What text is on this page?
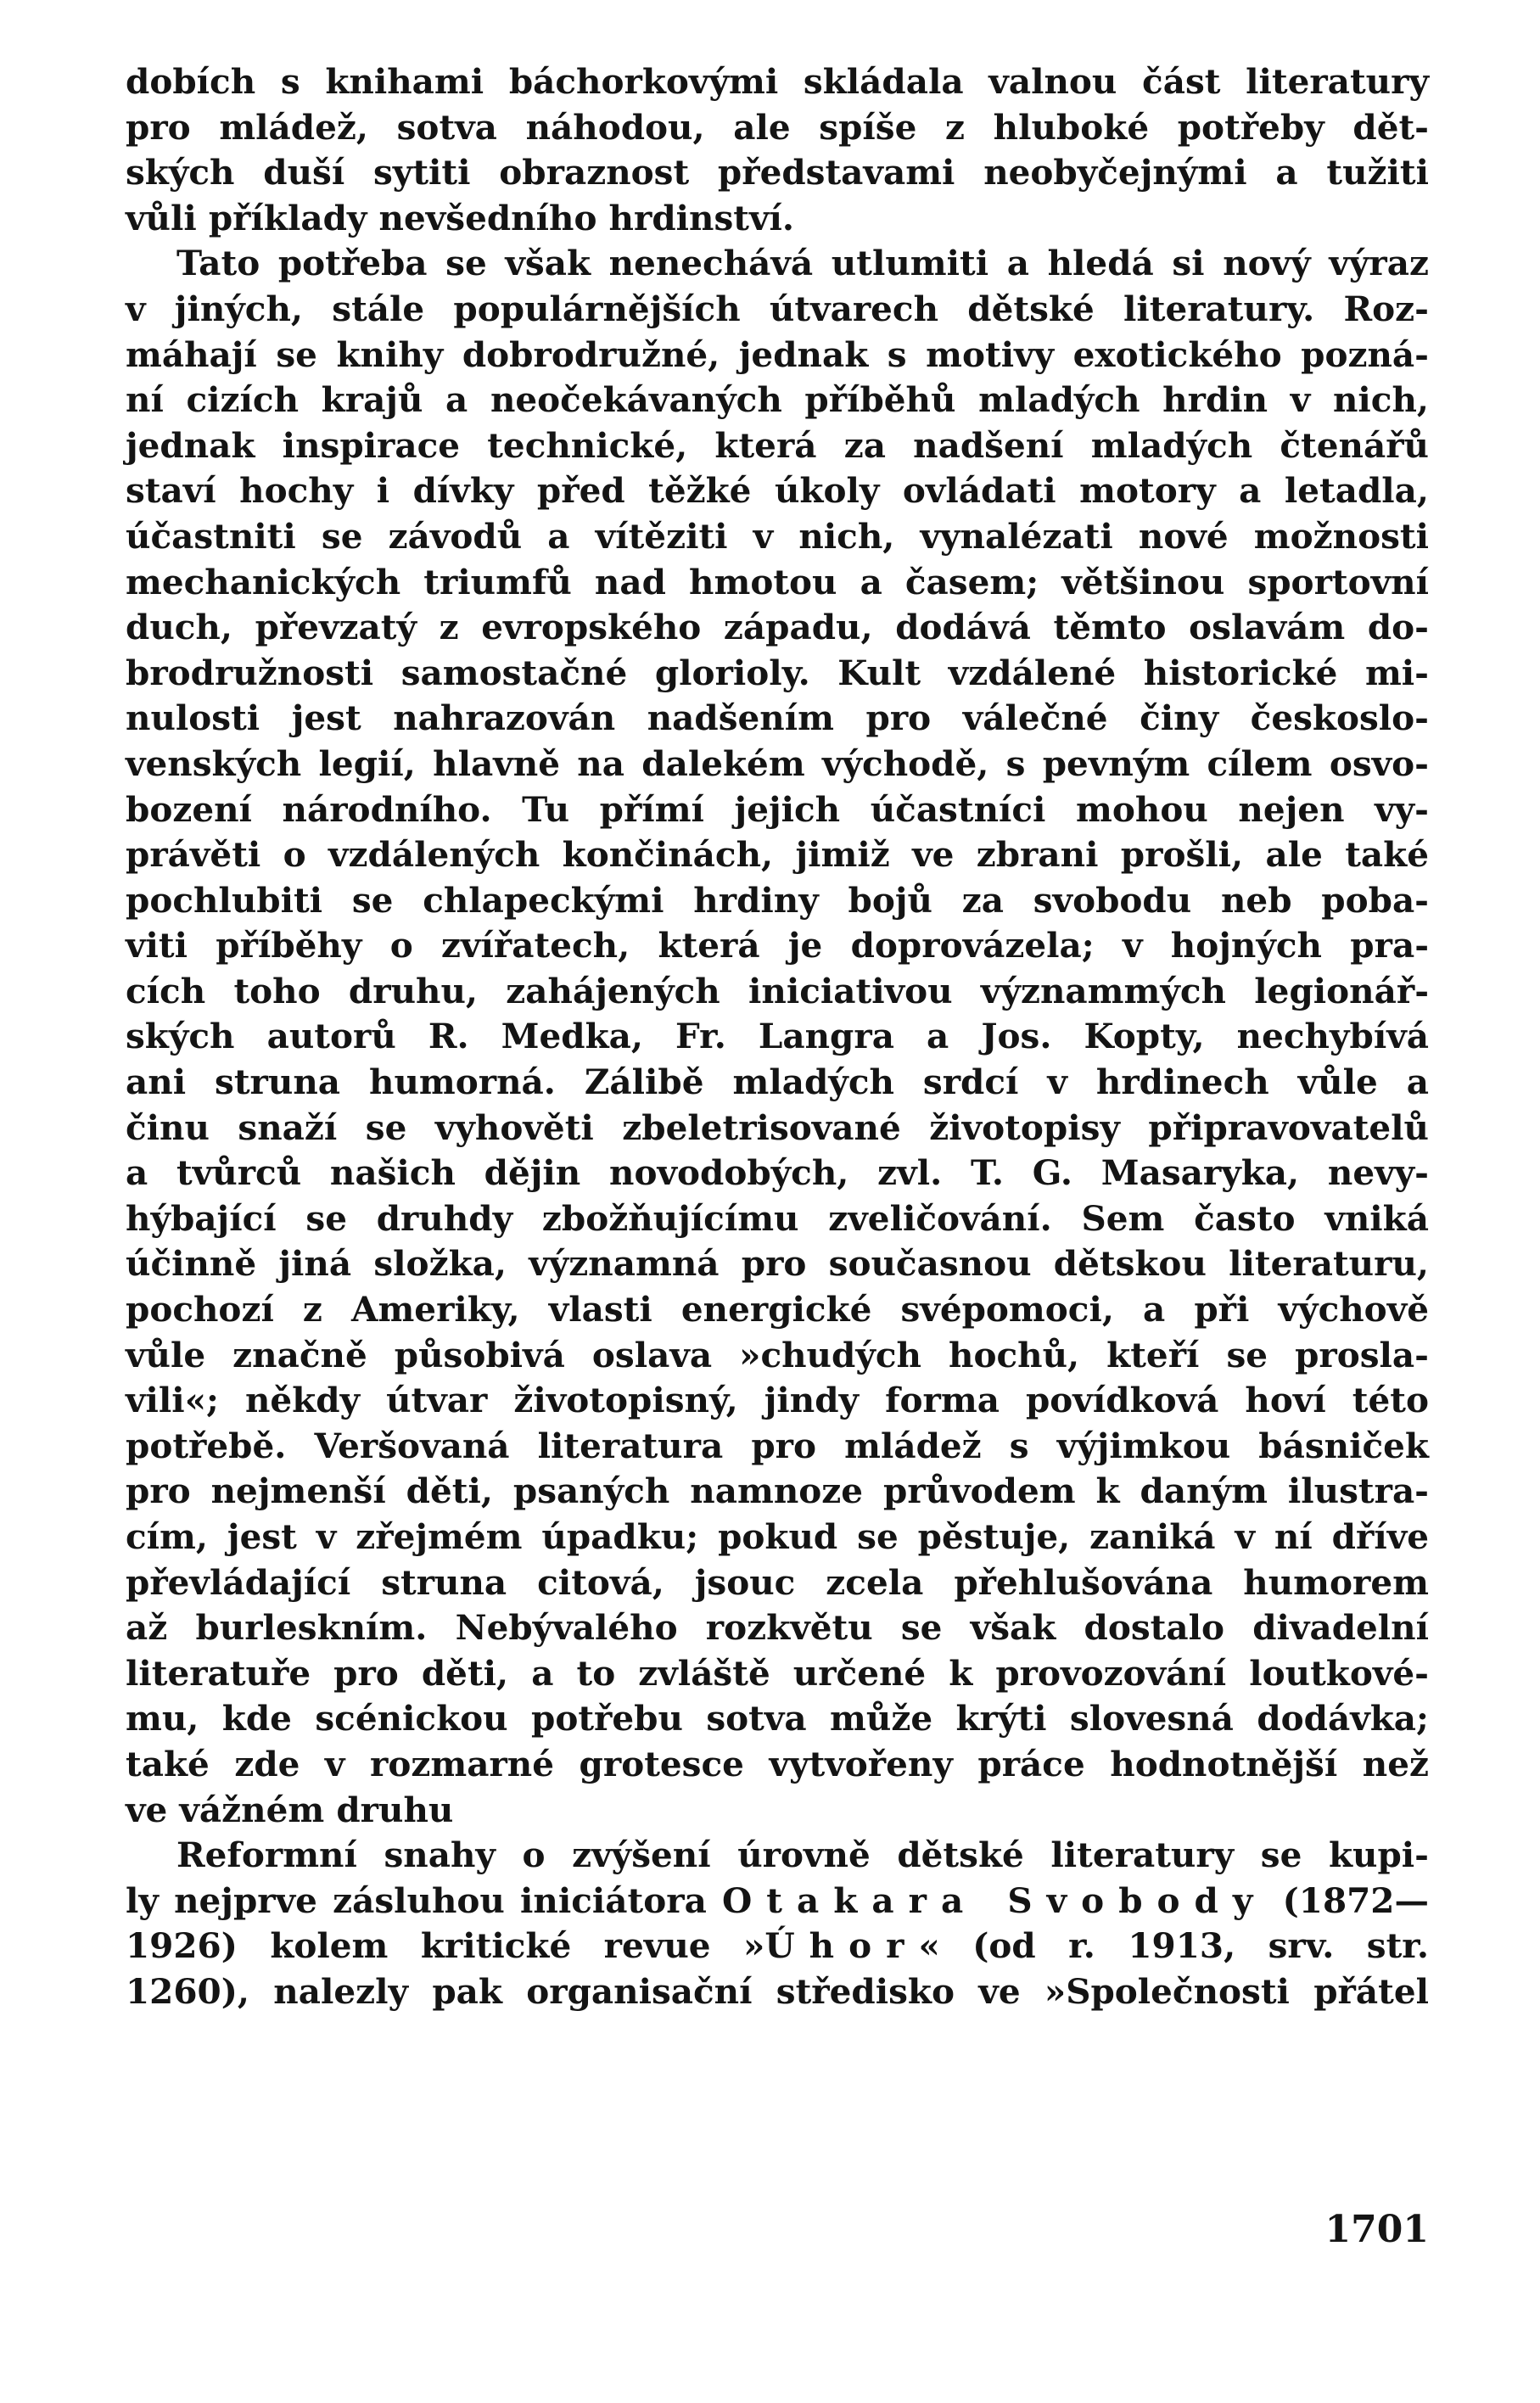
dobích s knihami báchorkovými skládala valnou část literatury
pro mládež, sotva náhodou, ale spíše z hluboké potřeby dět-
ských duší sytiti obraznost představami neobyčejnými a tužiti
vůli příklady nevšedního hrdinství.
Tato potřeba se však nenechává utlumiti a hledá si nový výraz
v jiných, stále populárnějších útvarech dětské literatury. Roz-
máhají se knihy dobrodružné, jednak s motivy exotického pozná-
ní cizích krajů a neočekávaných příběhů mladých hrdin v nich,
jednak inspirace technické, která za nadšení mladých čtenářů
staví hochy i dívky před těžké úkoly ovládati motory a letadla,
účastniti se závodů a vítěziti v nich, vynalézati nové možnosti
mechanických triumfů nad hmotou a časem; většinou sportovní
duch, převzatý z evropského západu, dodává těmto oslavám do-
brodružnosti samostačné glorioly. Kult vzdálené historické mi-
nulosti jest nahrazován nadšením pro válečné činy českoslo-
venských legií, hlavně na dalekém východě, s pevným cílem osvo-
bození národního. Tu přímí jejich účastníci mohou nejen vy-
právěti o vzdálených končinách, jimiž ve zbrani prošli, ale také
pochlubiti se chlapeckými hrdiny bojů za svobodu neb poba-
viti příběhy o zvířatech, která je doprovázela; v hojných pra-
cích toho druhu, zahájených iniciativou význammých legionář-
ských autorů R. Medka, Fr. Langra a Jos. Kopty, nechybívá
ani struna humorná. Zálibě mladých srdcí v hrdinech vůle a
činu snaží se vyhověti zbeletrisované životopisy připravovatelů
a tvůrců našich dějin novodobých, zvl. T. G. Masaryka, nevy-
hýbající se druhdy zbožňujícímu zveličování. Sem často vniká
účinně jiná složka, významná pro současnou dětskou literaturu,
pochozí z Ameriky, vlasti energické svépomoci, a při výchově
vůle značně působivá oslava »chudých hochů, kteří se prosla-
vili«; někdy útvar životopisný, jindy forma povídková hoví této
potřebě. Veršovaná literatura pro mládež s výjimkou básniček
pro nejmenší děti, psaných namnoze průvodem k daným ilustra-
cím, jest v zřejmém úpadku; pokud se pěstuje, zaniká v ní dříve
převládající struna citová, jsouc zcela přehlušována humorem
až burleskním. Nebývalého rozkvětu se však dostalo divadelní
literatuře pro děti, a to zvláště určené k provozování loutkové-
mu, kde scénickou potřebu sotva může krýti slovesná dodávka;
také zde v rozmarné grotesce vytvořeny práce hodnotnější než
ve vážném druhu
Reformní snahy o zvýšení úrovně dětské literatury se kupi-
ly nejprve zásluhou iniciátora Otakara Svobody (1872—
1926) kolem kritické revue »Úhor« (od r. 1913, srv. str.
1260), nalezly pak organisační středisko ve »Společnosti přátel
1701
